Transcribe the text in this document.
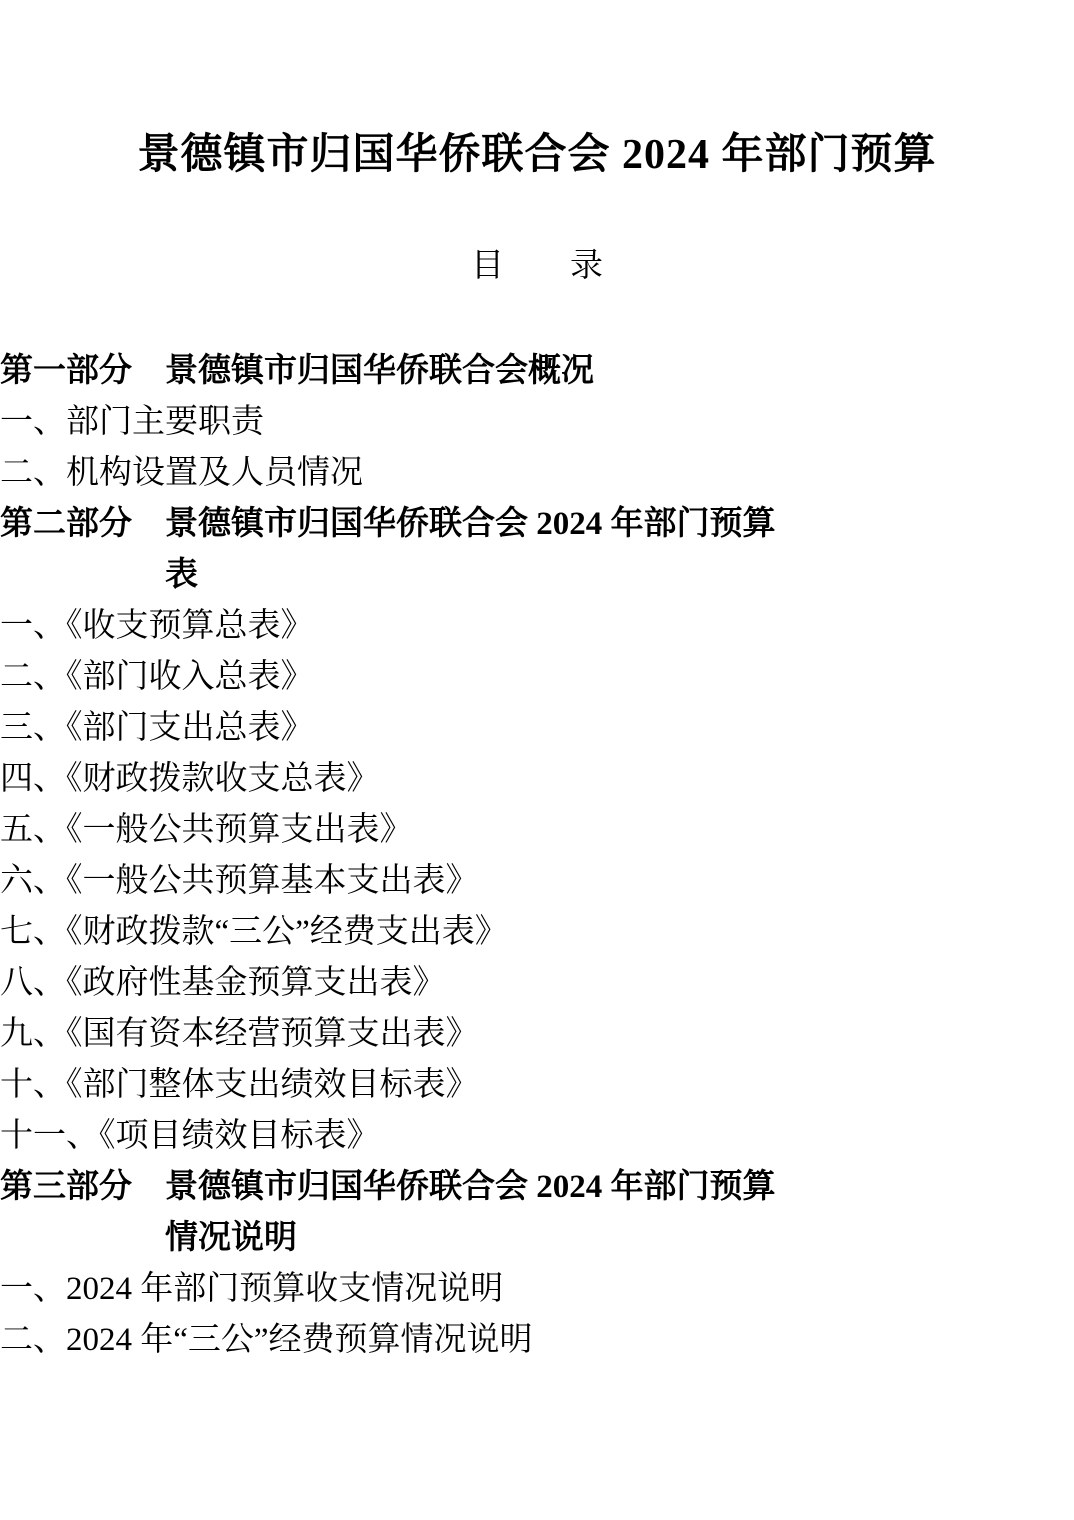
景德镇市归国华侨联合会 2024 年部门预算
目　　录

第一部分　景德镇市归国华侨联合会概况

一、部门主要职责

二、机构设置及人员情况

第二部分　景德镇市归国华侨联合会 2024 年部门预算

表

一、《收支预算总表》

二、《部门收入总表》

三、《部门支出总表》

四、《财政拨款收支总表》

五、《一般公共预算支出表》

六、《一般公共预算基本支出表》

七、《财政拨款“三公”经费支出表》

八、《政府性基金预算支出表》

九、《国有资本经营预算支出表》

十、《部门整体支出绩效目标表》

十一、《项目绩效目标表》

第三部分　景德镇市归国华侨联合会 2024 年部门预算

情况说明

一、2024 年部门预算收支情况说明

二、2024 年“三公”经费预算情况说明
